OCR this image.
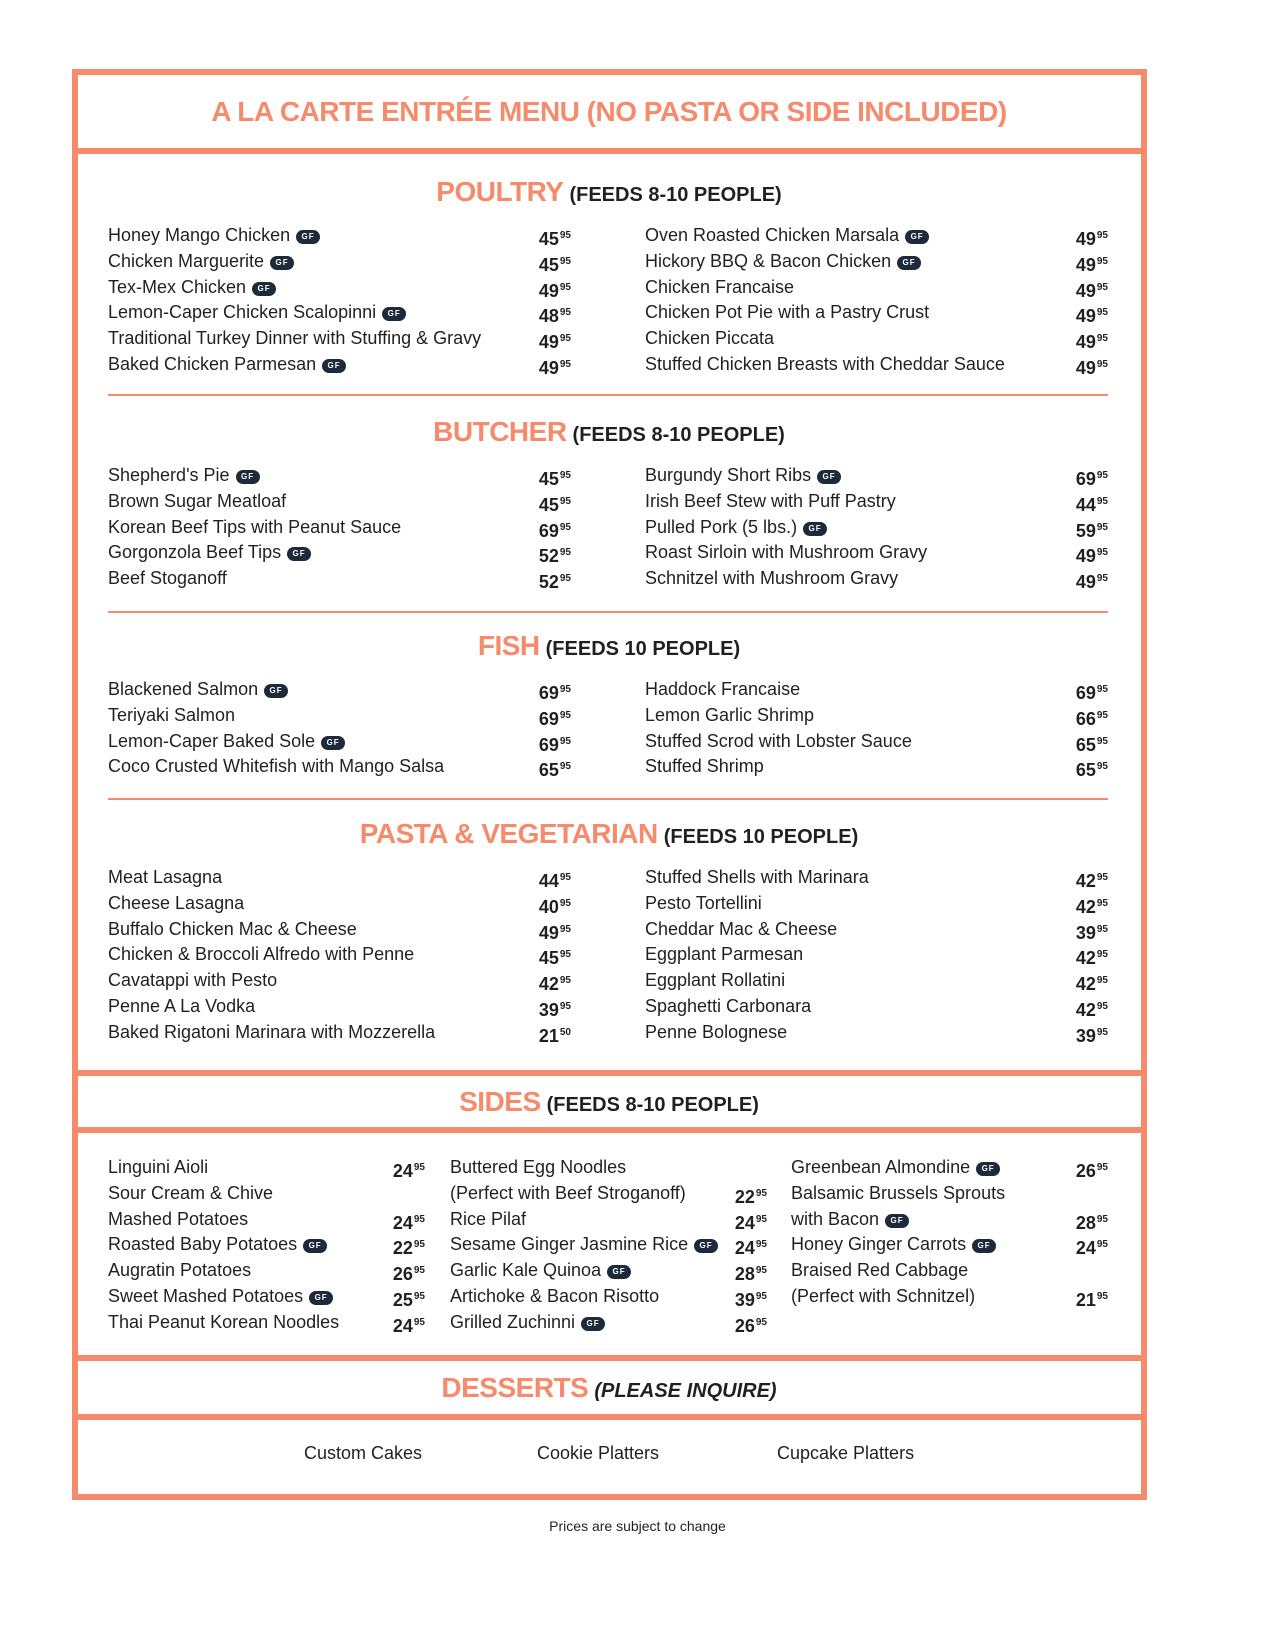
A LA CARTE ENTRÉE MENU (NO PASTA OR SIDE INCLUDED)
POULTRY (FEEDS 8-10 PEOPLE)
Honey Mango Chicken GF	$45^{95}$
Chicken Marguerite GF	$45^{95}$
Tex-Mex Chicken GF	$49^{95}$
Lemon-Caper Chicken Scalopinni GF	$48^{95}$
Traditional Turkey Dinner with Stuffing & Gravy	$49^{95}$
Baked Chicken Parmesan GF	$49^{95}$
Oven Roasted Chicken Marsala GF	$49^{95}$
Hickory BBQ & Bacon Chicken GF	$49^{95}$
Chicken Francaise	$49^{95}$
Chicken Pot Pie with a Pastry Crust	$49^{95}$
Chicken Piccata	$49^{95}$
Stuffed Chicken Breasts with Cheddar Sauce	$49^{95}$
BUTCHER (FEEDS 8-10 PEOPLE)
Shepherd's Pie GF	$45^{95}$
Brown Sugar Meatloaf	$45^{95}$
Korean Beef Tips with Peanut Sauce	$69^{95}$
Gorgonzola Beef Tips GF	$52^{95}$
Beef Stoganoff	$52^{95}$
Burgundy Short Ribs GF	$69^{95}$
Irish Beef Stew with Puff Pastry	$44^{95}$
Pulled Pork (5 lbs.) GF	$59^{95}$
Roast Sirloin with Mushroom Gravy	$49^{95}$
Schnitzel with Mushroom Gravy	$49^{95}$
FISH (FEEDS 10 PEOPLE)
Blackened Salmon GF	$69^{95}$
Teriyaki Salmon	$69^{95}$
Lemon-Caper Baked Sole GF	$69^{95}$
Coco Crusted Whitefish with Mango Salsa	$65^{95}$
Haddock Francaise	$69^{95}$
Lemon Garlic Shrimp	$66^{95}$
Stuffed Scrod with Lobster Sauce	$65^{95}$
Stuffed Shrimp	$65^{95}$
PASTA & VEGETARIAN (FEEDS 10 PEOPLE)
Meat Lasagna	$44^{95}$
Cheese Lasagna	$40^{95}$
Buffalo Chicken Mac & Cheese	$49^{95}$
Chicken & Broccoli Alfredo with Penne	$45^{95}$
Cavatappi with Pesto	$42^{95}$
Penne A La Vodka	$39^{95}$
Baked Rigatoni Marinara with Mozzerella	$21^{50}$
Stuffed Shells with Marinara	$42^{95}$
Pesto Tortellini	$42^{95}$
Cheddar Mac & Cheese	$39^{95}$
Eggplant Parmesan	$42^{95}$
Eggplant Rollatini	$42^{95}$
Spaghetti Carbonara	$42^{95}$
Penne Bolognese	$39^{95}$
SIDES (FEEDS 8-10 PEOPLE)
Linguini Aioli	$24^{95}$
Sour Cream & Chive
Mashed Potatoes	$24^{95}$
Roasted Baby Potatoes GF	$22^{95}$
Augratin Potatoes	$26^{95}$
Sweet Mashed Potatoes GF	$25^{95}$
Thai Peanut Korean Noodles	$24^{95}$
Buttered Egg Noodles
(Perfect with Beef Stroganoff)	$22^{95}$
Rice Pilaf	$24^{95}$
Sesame Ginger Jasmine Rice GF	$24^{95}$
Garlic Kale Quinoa GF	$28^{95}$
Artichoke & Bacon Risotto	$39^{95}$
Grilled Zuchinni GF	$26^{95}$
Greenbean Almondine GF	$26^{95}$
Balsamic Brussels Sprouts
with Bacon GF	$28^{95}$
Honey Ginger Carrots GF	$24^{95}$
Braised Red Cabbage
(Perfect with Schnitzel)	$21^{95}$
DESSERTS (PLEASE INQUIRE)
Custom Cakes	Cookie Platters	Cupcake Platters
Prices are subject to change
